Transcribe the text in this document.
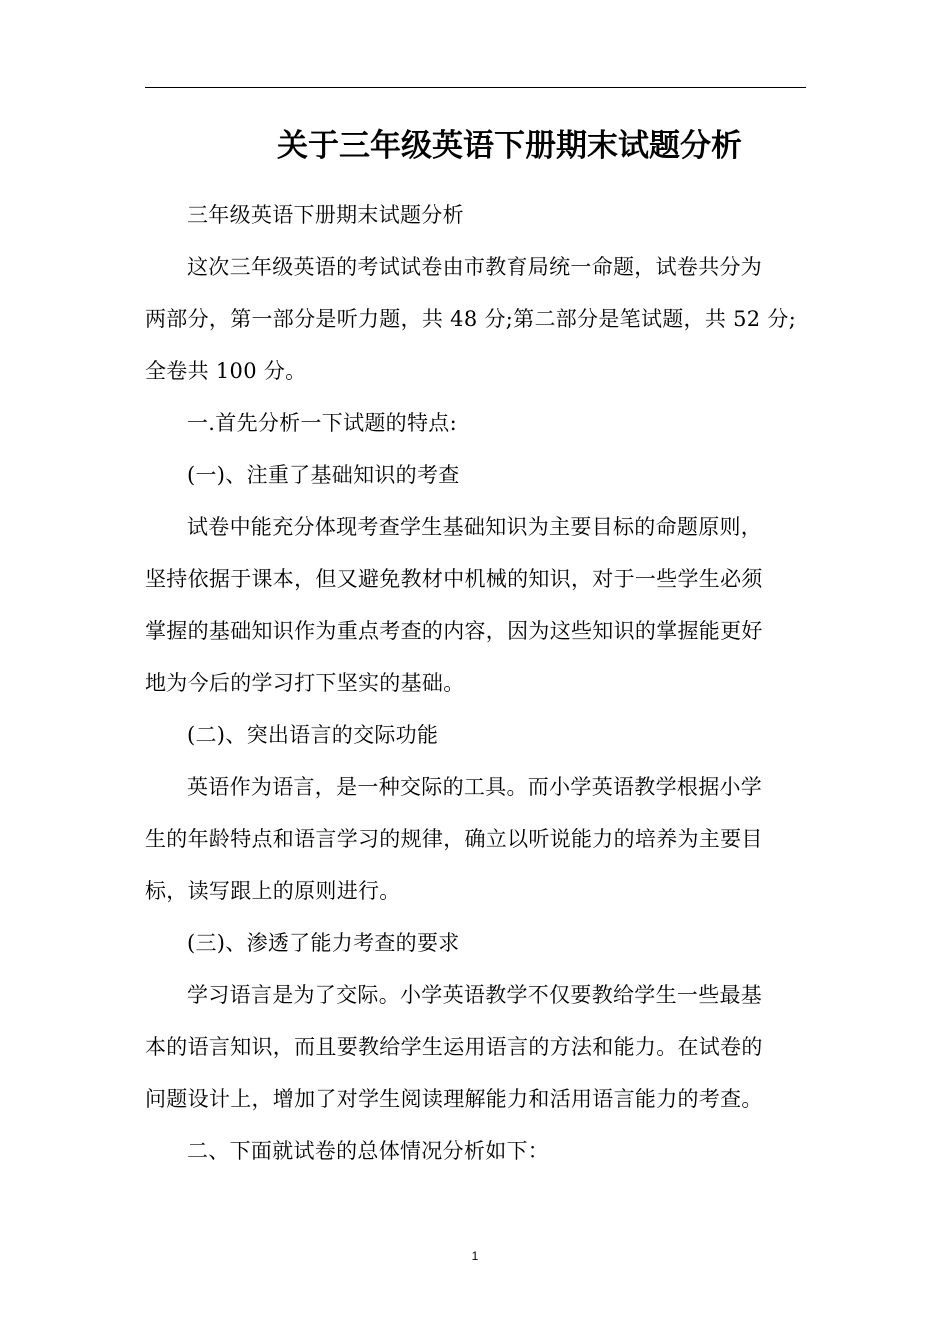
关于三年级英语下册期末试题分析
三年级英语下册期末试题分析
这次三年级英语的考试试卷由市教育局统一命题，试卷共分为
两部分，第一部分是听力题，共 48 分;第二部分是笔试题，共 52 分;
全卷共 100 分。
一.首先分析一下试题的特点:
(一)、注重了基础知识的考查
试卷中能充分体现考查学生基础知识为主要目标的命题原则，
坚持依据于课本，但又避免教材中机械的知识，对于一些学生必须
掌握的基础知识作为重点考查的内容，因为这些知识的掌握能更好
地为今后的学习打下坚实的基础。
(二)、突出语言的交际功能
英语作为语言，是一种交际的工具。而小学英语教学根据小学
生的年龄特点和语言学习的规律，确立以听说能力的培养为主要目
标，读写跟上的原则进行。
(三)、渗透了能力考查的要求
学习语言是为了交际。小学英语教学不仅要教给学生一些最基
本的语言知识，而且要教给学生运用语言的方法和能力。在试卷的
问题设计上，增加了对学生阅读理解能力和活用语言能力的考查。
二、下面就试卷的总体情况分析如下：
1
